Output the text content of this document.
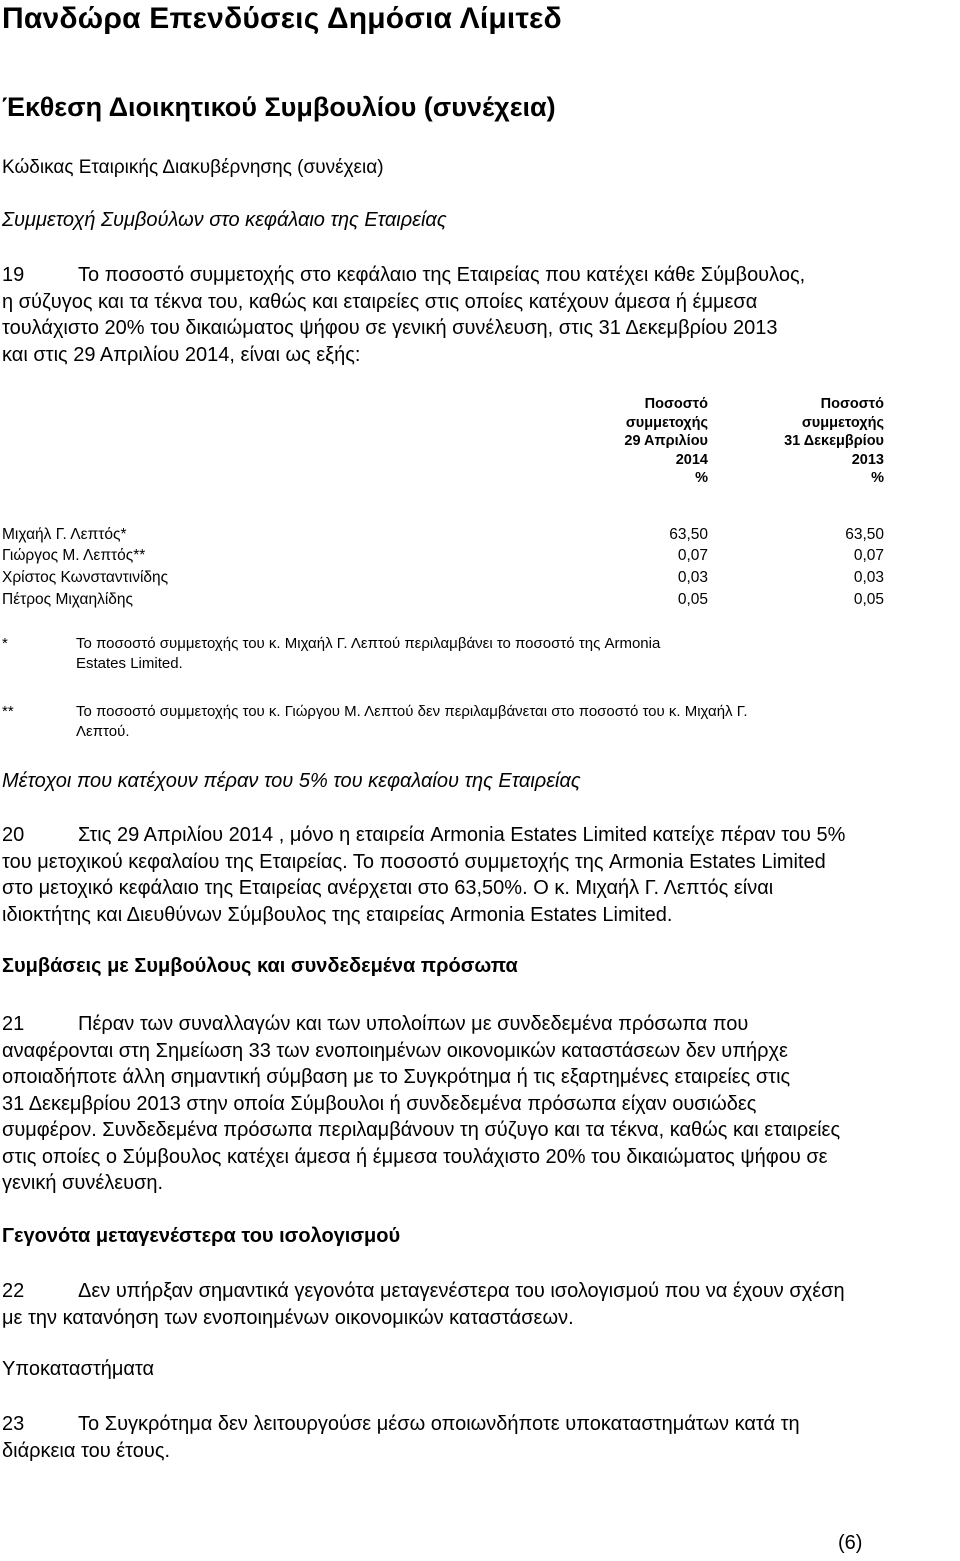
Πανδώρα Επενδύσεις Δημόσια Λίμιτεδ
Έκθεση Διοικητικού Συμβουλίου (συνέχεια)
Κώδικας Εταιρικής Διακυβέρνησης (συνέχεια)
Συμμετοχή Συμβούλων στο κεφάλαιο της Εταιρείας
19	Το ποσοστό συμμετοχής στο κεφάλαιο της Εταιρείας που κατέχει κάθε Σύμβουλος,
η σύζυγος και τα τέκνα του, καθώς και εταιρείες στις οποίες κατέχουν άμεσα ή έμμεσα
τουλάχιστο 20% του δικαιώματος ψήφου σε γενική συνέλευση, στις 31 Δεκεμβρίου 2013
και στις 29 Απριλίου 2014, είναι ως εξής:
Ποσοστό
συμμετοχής
29 Απριλίου
2014
%
Ποσοστό
συμμετοχής
31 Δεκεμβρίου
2013
%
Μιχαήλ Γ. Λεπτός*	63,50	63,50
Γιώργος Μ. Λεπτός**	0,07	0,07
Χρίστος Κωνσταντινίδης	0,03	0,03
Πέτρος Μιχαηλίδης	0,05	0,05
*	Το ποσοστό συμμετοχής του κ. Μιχαήλ Γ. Λεπτού περιλαμβάνει το ποσοστό της Armonia
Estates Limited.
**	Το ποσοστό συμμετοχής του κ. Γιώργου Μ. Λεπτού δεν περιλαμβάνεται στο ποσοστό του κ. Μιχαήλ Γ.
Λεπτού.
Μέτοχοι που κατέχουν πέραν του 5% του κεφαλαίου της Εταιρείας
20	Στις 29 Απριλίου 2014 , μόνο η εταιρεία Armonia Estates Limited κατείχε πέραν του 5%
του μετοχικού κεφαλαίου της Εταιρείας. Το ποσοστό συμμετοχής της Armonia Estates Limited
στο μετοχικό κεφάλαιο της Εταιρείας ανέρχεται στο 63,50%. Ο κ. Μιχαήλ Γ. Λεπτός είναι
ιδιοκτήτης και Διευθύνων Σύμβουλος της εταιρείας Armonia Estates Limited.
Συμβάσεις με Συμβούλους και συνδεδεμένα πρόσωπα
21	Πέραν των συναλλαγών και των υπολοίπων με συνδεδεμένα πρόσωπα που
αναφέρονται στη Σημείωση 33 των ενοποιημένων οικονομικών καταστάσεων δεν υπήρχε
οποιαδήποτε άλλη σημαντική σύμβαση με το Συγκρότημα ή τις εξαρτημένες εταιρείες στις
31 Δεκεμβρίου 2013 στην οποία Σύμβουλοι ή συνδεδεμένα πρόσωπα είχαν ουσιώδες
συμφέρον. Συνδεδεμένα πρόσωπα περιλαμβάνουν τη σύζυγο και τα τέκνα, καθώς και εταιρείες
στις οποίες ο Σύμβουλος κατέχει άμεσα ή έμμεσα τουλάχιστο 20% του δικαιώματος ψήφου σε
γενική συνέλευση.
Γεγονότα μεταγενέστερα του ισολογισμού
22	Δεν υπήρξαν σημαντικά γεγονότα μεταγενέστερα του ισολογισμού που να έχουν σχέση
με την κατανόηση των ενοποιημένων οικονομικών καταστάσεων.
Υποκαταστήματα
23	Το Συγκρότημα δεν λειτουργούσε μέσω οποιωνδήποτε υποκαταστημάτων κατά τη
διάρκεια του έτους.
(6)
